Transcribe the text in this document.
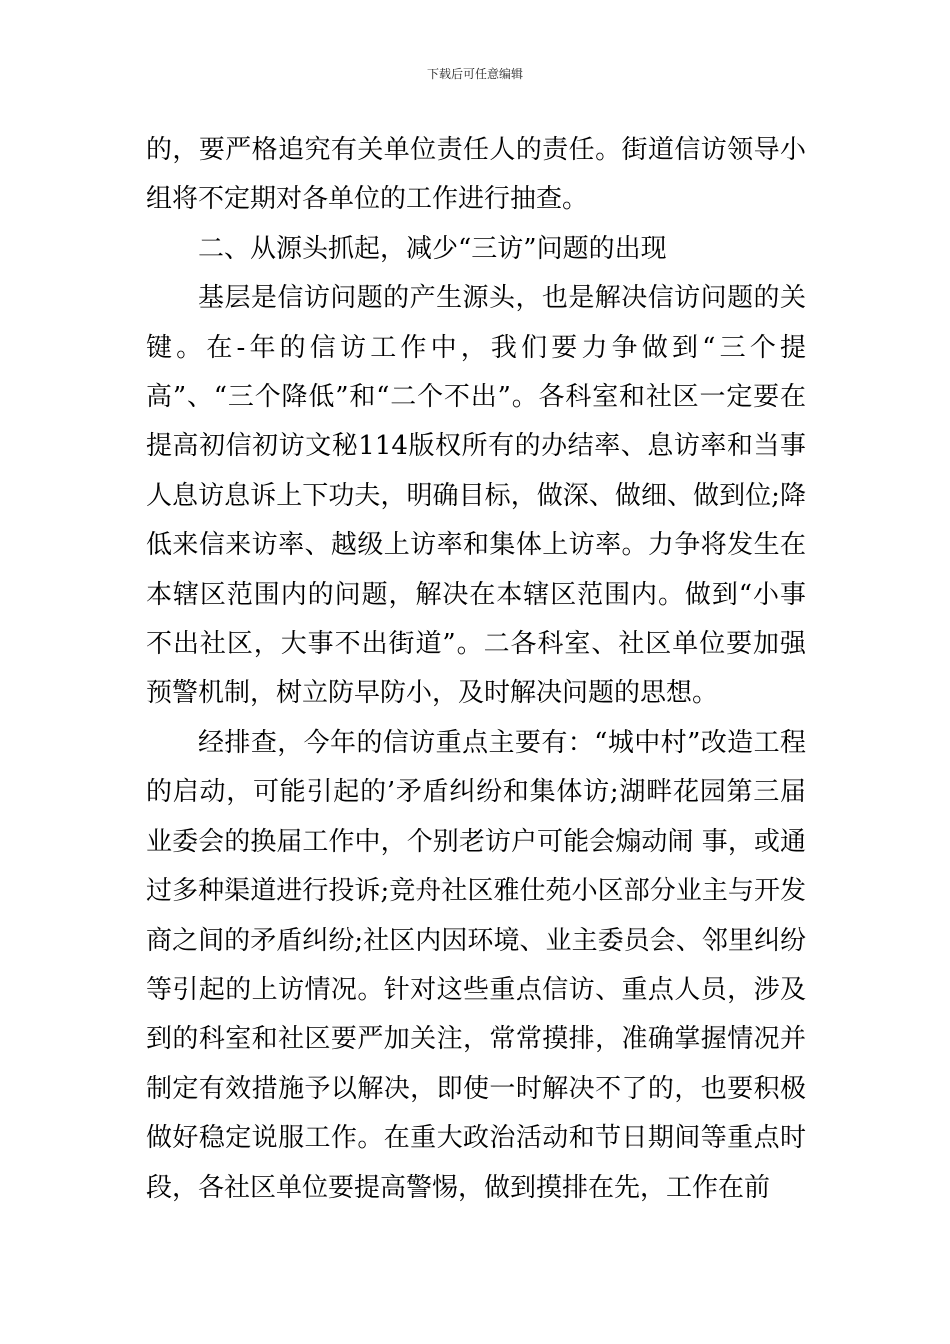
下载后可任意编辑

的，要严格追究有关单位责任人的责任。街道信访领导小组将不定期对各单位的工作进行抽查。

二、从源头抓起，减少“三访”问题的出现

基层是信访问题的产生源头，也是解决信访问题的关键。在-年的信访工作中，我们要力争做到“三个提高”、“三个降低”和“二个不出”。各科室和社区一定要在提高初信初访文秘114版权所有的办结率、息访率和当事人息访息诉上下功夫，明确目标，做深、做细、做到位;降低来信来访率、越级上访率和集体上访率。力争将发生在本辖区范围内的问题，解决在本辖区范围内。做到“小事不出社区，大事不出街道”。二各科室、社区单位要加强预警机制，树立防早防小，及时解决问题的思想。

经排查，今年的信访重点主要有：“城中村”改造工程的启动，可能引起的’矛盾纠纷和集体访;湖畔花园第三届业委会的换届工作中，个别老访户可能会煽动闹 事，或通过多种渠道进行投诉;竞舟社区雅仕苑小区部分业主与开发商之间的矛盾纠纷;社区内因环境、业主委员会、邻里纠纷等引起的上访情况。针对这些重点信访、重点人员，涉及到的科室和社区要严加关注，常常摸排，准确掌握情况并制定有效措施予以解决，即使一时解决不了的，也要积极做好稳定说服工作。在重大政治活动和节日期间等重点时段，各社区单位要提高警惕，做到摸排在先，工作在前
